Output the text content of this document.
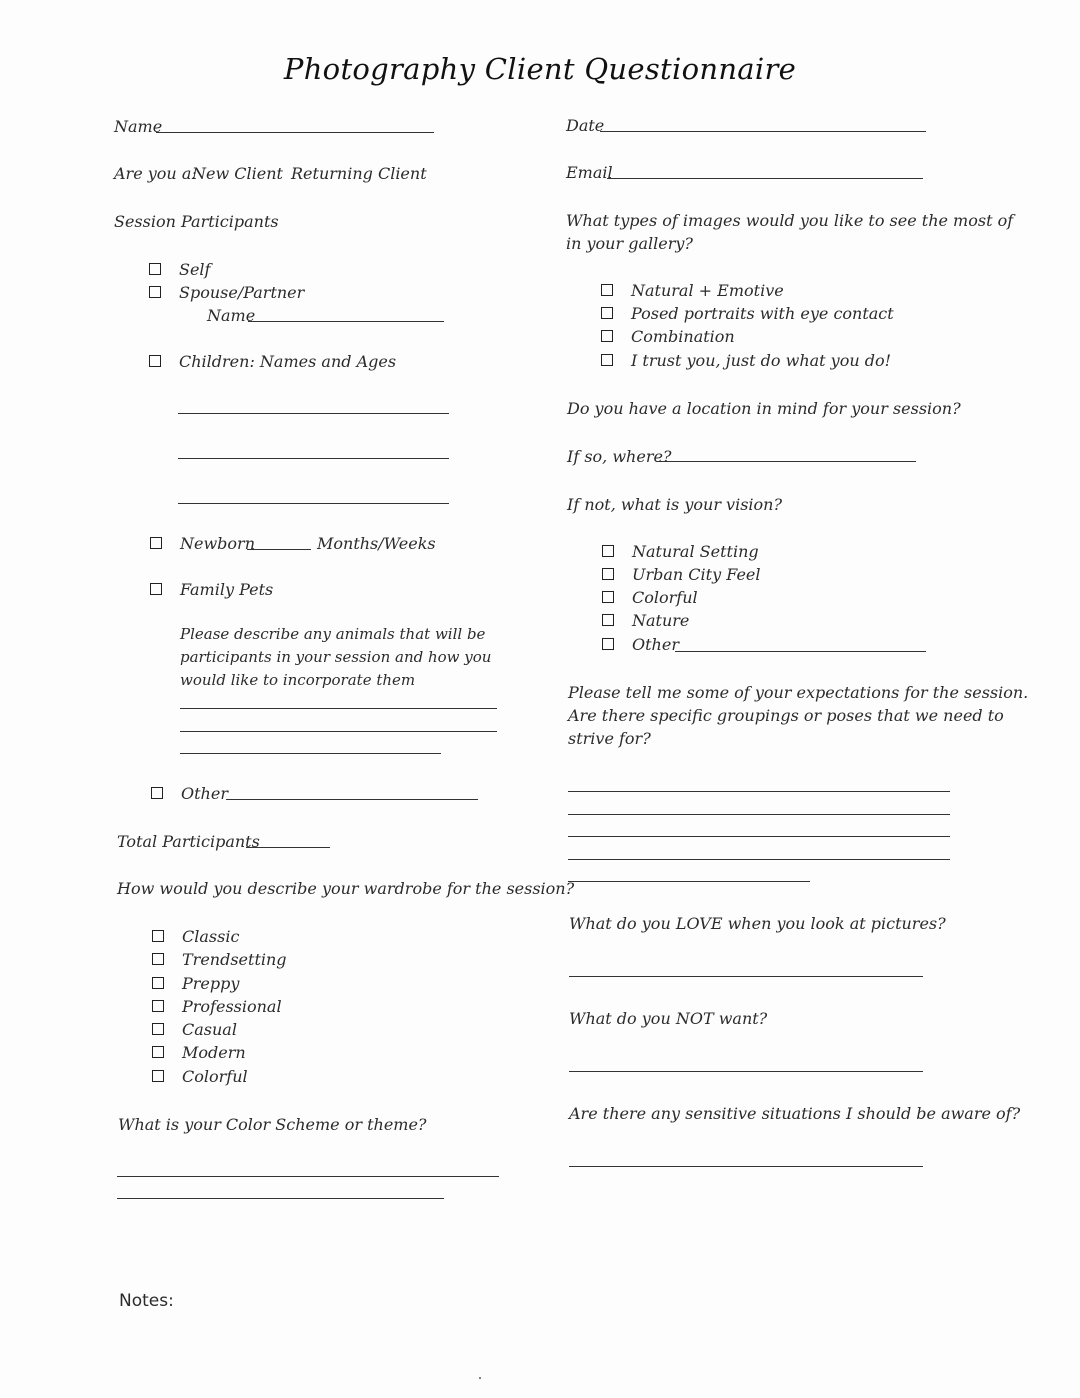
Photography Client Questionnaire
Name
Are you a:
New Client Returning Client
Session Participants
Self
Spouse/Partner
Name
Children: Names and Ages
Newborn	Months/Weeks
Family Pets
Please describe any animals that will be
participants in your session and how you
would like to incorporate them
Other
Total Participants
How would you describe your wardrobe for the session?
Classic
Trendsetting
Preppy
Professional
Casual
Modern
Colorful
What is your Color Scheme or theme?
Notes:
Date
Email
What types of images would you like to see the most of
in your gallery?
Natural + Emotive
Posed portraits with eye contact
Combination
I trust you, just do what you do!
Do you have a location in mind for your session?
If so, where?
If not, what is your vision?
Natural Setting
Urban City Feel
Colorful
Nature
Other
Please tell me some of your expectations for the session.
Are there specific groupings or poses that we need to
strive for?
What do you LOVE when you look at pictures?
What do you NOT want?
Are there any sensitive situations I should be aware of?
